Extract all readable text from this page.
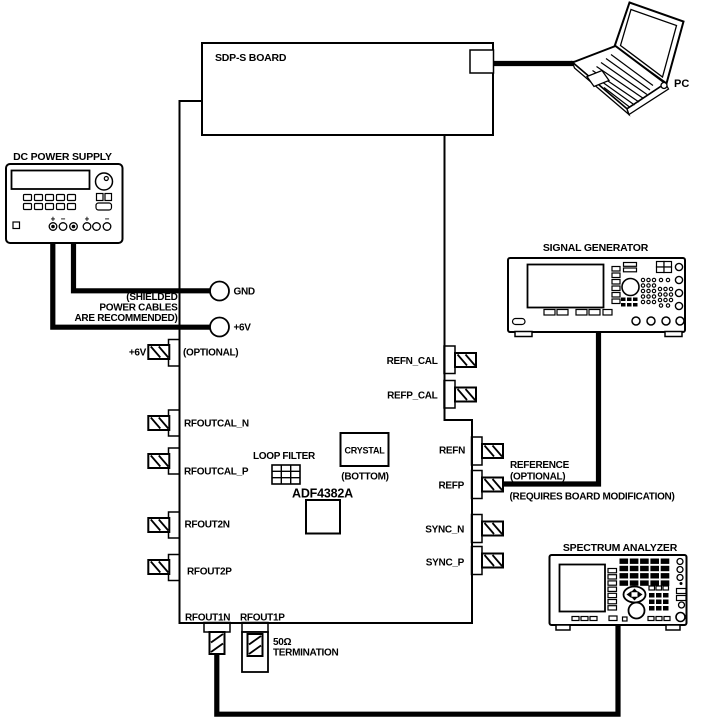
SDP-S BOARD
PC
DC POWER SUPPLY
+ − + −
(SHIELDED
POWER CABLES
ARE RECOMMENDED)
GND
+6V
+6V	(OPTIONAL)
REFN_CAL
REFP_CAL
REFN
REFP
SYNC_N
SYNC_P
RFOUTCAL_N
RFOUTCAL_P
RFOUT2N
RFOUT2P
LOOP FILTER
CRYSTAL
(BOTTOM)
ADF4382A
REFERENCE
(OPTIONAL)
(REQUIRES BOARD MODIFICATION)
SIGNAL GENERATOR
SPECTRUM ANALYZER
RFOUT1N RFOUT1P
50Ω
TERMINATION
